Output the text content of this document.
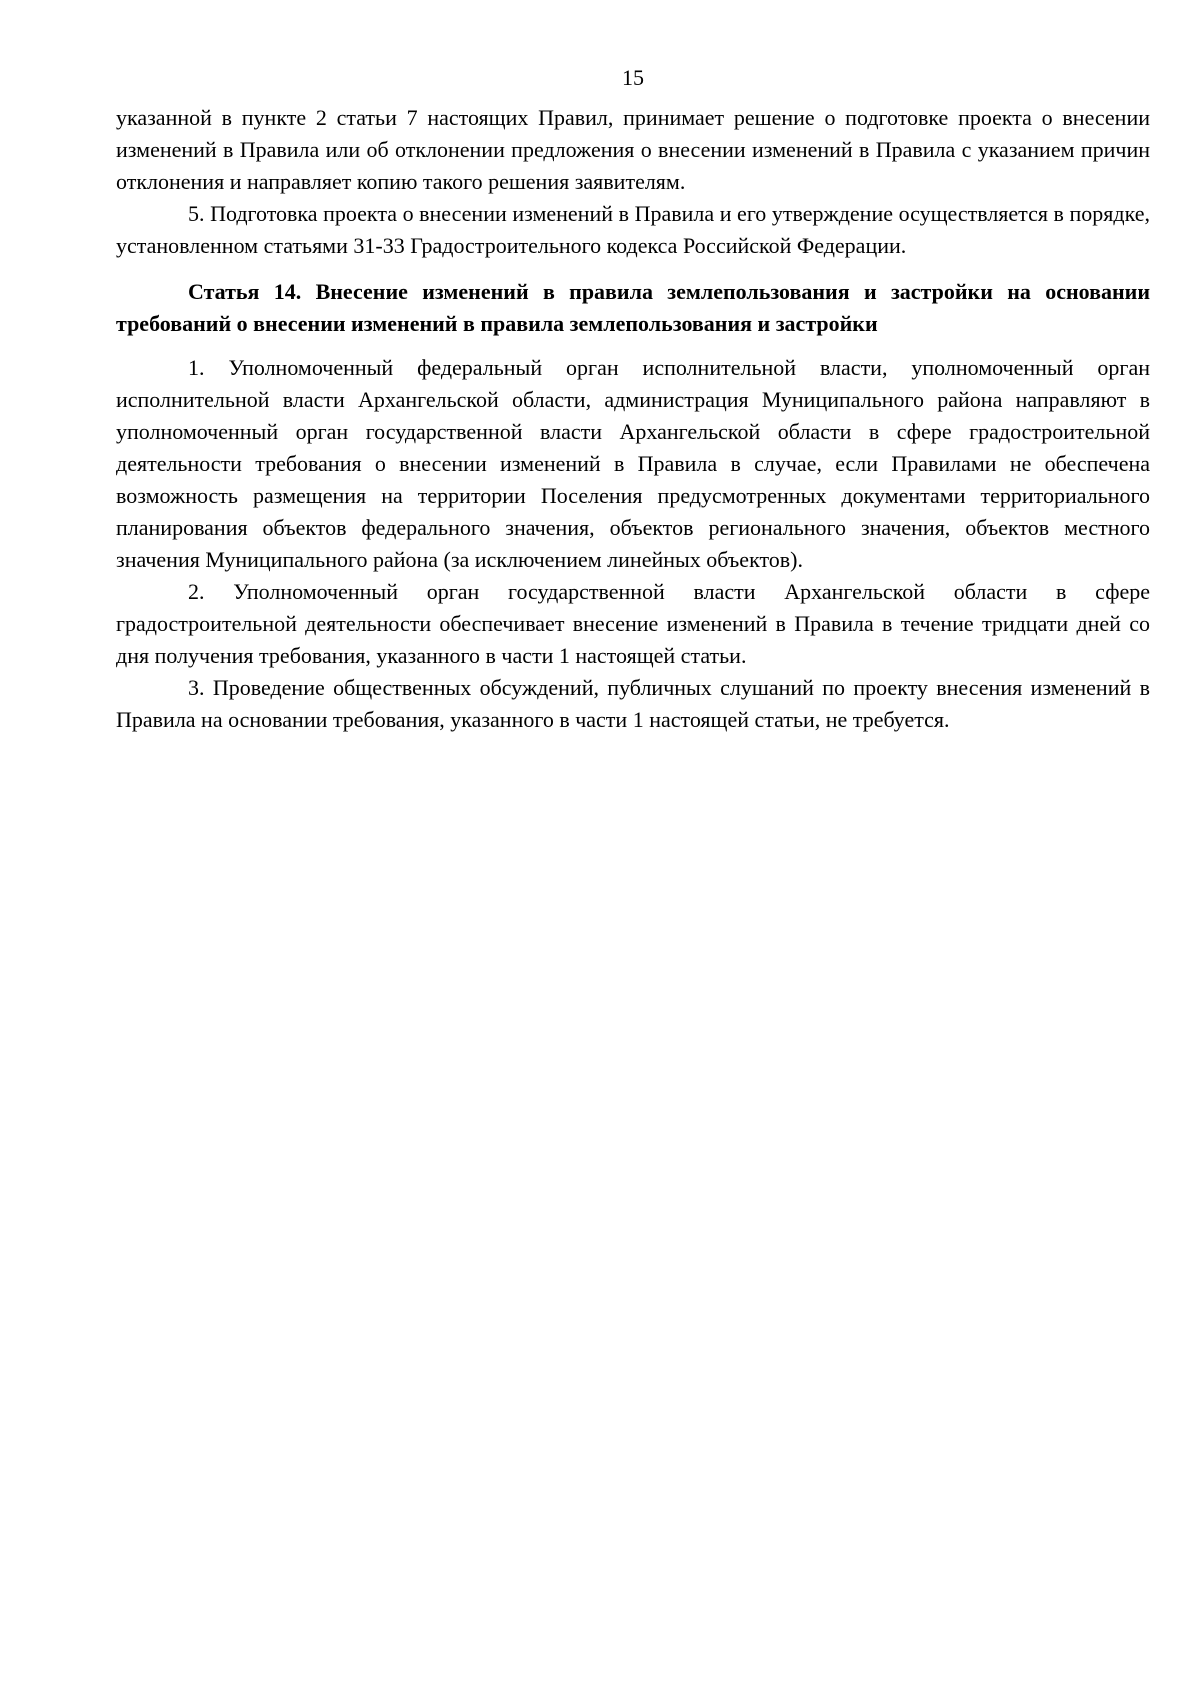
15

указанной в пункте 2 статьи 7 настоящих Правил, принимает решение о подготовке проекта о внесении изменений в Правила или об отклонении предложения о внесении изменений в Правила с указанием причин отклонения и направляет копию такого решения заявителям.

5. Подготовка проекта о внесении изменений в Правила и его утверждение осуществляется в порядке, установленном статьями 31-33 Градостроительного кодекса Российской Федерации.

Статья 14. Внесение изменений в правила землепользования и застройки на основании требований о внесении изменений в правила землепользования и застройки

1. Уполномоченный федеральный орган исполнительной власти, уполномоченный орган исполнительной власти Архангельской области, администрация Муниципального района направляют в уполномоченный орган государственной власти Архангельской области в сфере градостроительной деятельности требования о внесении изменений в Правила в случае, если Правилами не обеспечена возможность размещения на территории Поселения предусмотренных документами территориального планирования объектов федерального значения, объектов регионального значения, объектов местного значения Муниципального района (за исключением линейных объектов).

2. Уполномоченный орган государственной власти Архангельской области в сфере градостроительной деятельности обеспечивает внесение изменений в Правила в течение тридцати дней со дня получения требования, указанного в части 1 настоящей статьи.

3. Проведение общественных обсуждений, публичных слушаний по проекту внесения изменений в Правила на основании требования, указанного в части 1 настоящей статьи, не требуется.
